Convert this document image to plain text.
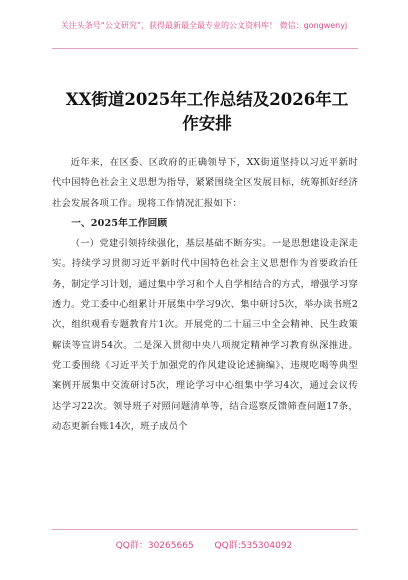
关注头条号“公文研究”，获得最新最全最专业的公文资料库！ 微信：gongwenyj
XX街道2025年工作总结及2026年工作安排

近年来，在区委、区政府的正确领导下，XX街道坚持以习近平新时代中国特色社会主义思想为指导，紧紧围绕全区发展目标，统筹抓好经济社会发展各项工作。现将工作情况汇报如下：

一、2025年工作回顾

（一）党建引领持续强化，基层基础不断夯实。一是思想建设走深走实。持续学习贯彻习近平新时代中国特色社会主义思想作为首要政治任务，制定学习计划，通过集中学习和个人自学相结合的方式，增强学习穿透力。党工委中心组累计开展集中学习9次、集中研讨5次，举办读书班2次，组织观看专题教育片1次。开展党的二十届三中全会精神、民生政策解读等宣讲54次。二是深入贯彻中央八项规定精神学习教育纵深推进。党工委围绕《习近平关于加强党的作风建设论述摘编》、违规吃喝等典型案例开展集中交流研讨5次，理论学习中心组集中学习4次，通过会议传达学习22次。领导班子对照问题清单等，结合巡察反馈筛查问题17条，动态更新台账14次，班子成员个

QQ群：30265665 QQ群:535304092
